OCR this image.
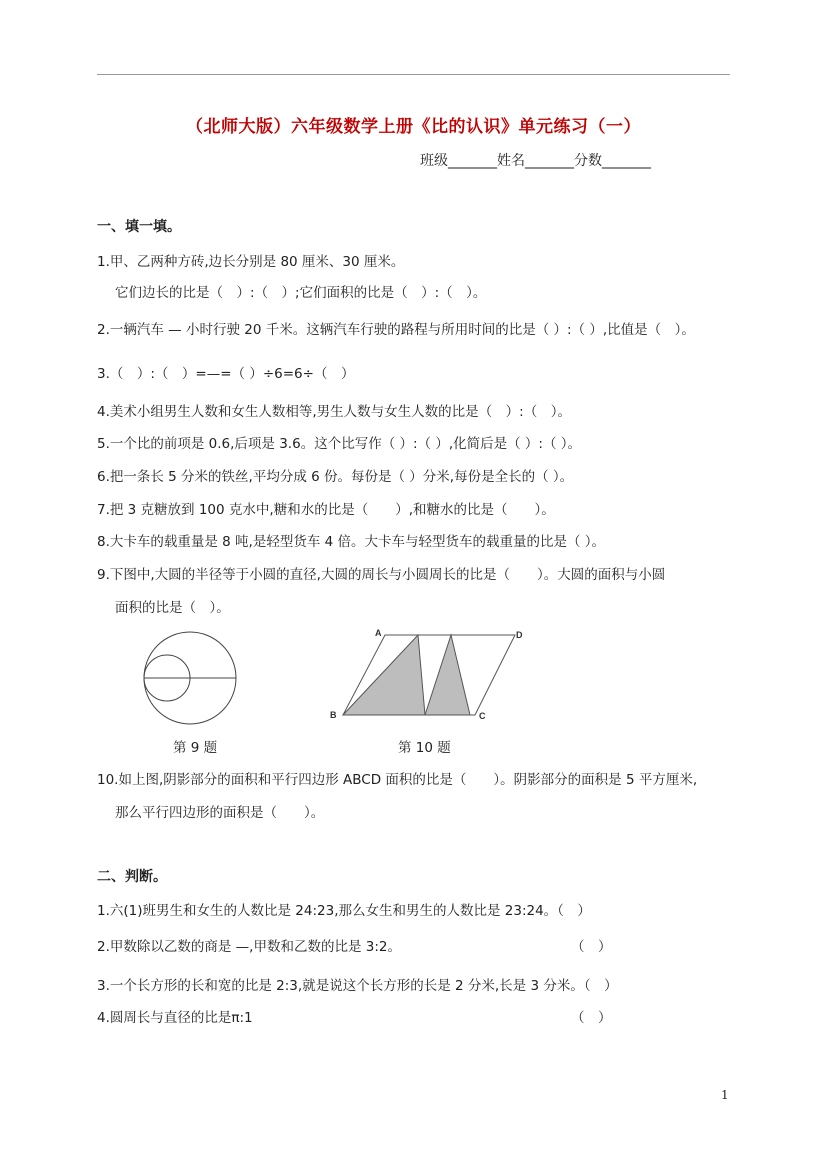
（北师大版）六年级数学上册《比的认识》单元练习（一）
班级_______姓名_______分数_______
一、填一填。
1.甲、乙两种方砖,边长分别是 80 厘米、30 厘米。
它们边长的比是（　）:（　）;它们面积的比是（　）:（　）。
2.一辆汽车 — 小时行驶 20 千米。这辆汽车行驶的路程与所用时间的比是（ ）:（ ）,比值是（　）。
3.（　）:（　）=—=（ ）÷6=6÷（　）
4.美术小组男生人数和女生人数相等,男生人数与女生人数的比是（　）:（　）。
5.一个比的前项是 0.6,后项是 3.6。这个比写作（ ）:（ ）,化简后是（ ）:（ ）。
6.把一条长 5 分米的铁丝,平均分成 6 份。每份是（ ）分米,每份是全长的（ ）。
7.把 3 克糖放到 100 克水中,糖和水的比是（　　）,和糖水的比是（　　）。
8.大卡车的载重量是 8 吨,是轻型货车 4 倍。大卡车与轻型货车的载重量的比是（ ）。
9.下图中,大圆的半径等于小圆的直径,大圆的周长与小圆周长的比是（　　）。大圆的面积与小圆
面积的比是（　）。
A	D
B	C
第 9 题	第 10 题
10.如上图,阴影部分的面积和平行四边形 ABCD 面积的比是（　　）。阴影部分的面积是 5 平方厘米,
那么平行四边形的面积是（　　）。
二、判断。
1.六(1)班男生和女生的人数比是 24:23,那么女生和男生的人数比是 23:24。（　）
2.甲数除以乙数的商是 —,甲数和乙数的比是 3:2。	（　）
3.一个长方形的长和宽的比是 2:3,就是说这个长方形的长是 2 分米,长是 3 分米。（　）
4.圆周长与直径的比是π:1	（　）
1
